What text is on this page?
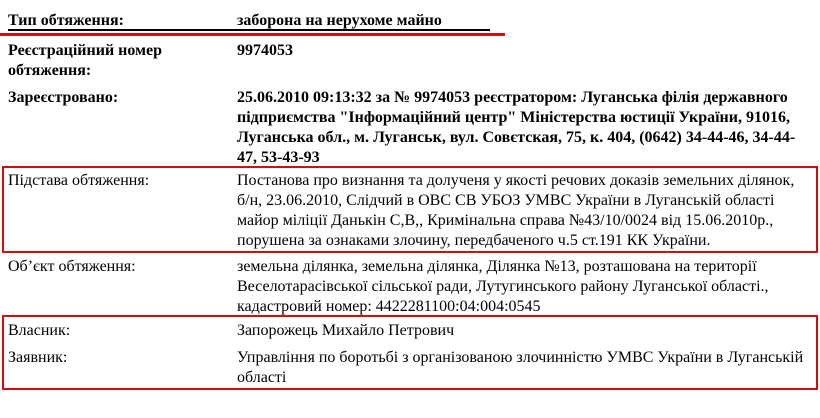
Тип обтяження:	заборона на нерухоме майно
Реєстраційний номер обтяження:
9974053
Зареєстровано:	25.06.2010 09:13:32 за № 9974053 реєстратором: Луганська філія державного підприємства "Інформаційний центр" Міністерства юстиції України, 91016, Луганська обл., м. Луганськ, вул. Совєтская, 75, к. 404, (0642) 34-44-46, 34-44-47, 53-43-93
Підстава обтяження:	Постанова про визнання та долученя у якості речових доказів земельних ділянок, б/н, 23.06.2010, Слідчий в ОВС СВ УБОЗ УМВС України в Луганській області майор міліції Данькін С,В,, Кримінальна справа №43/10/0024 від 15.06.2010р., порушена за ознаками злочину, передбаченого ч.5 ст.191 КК України.
Об’єкт обтяження:	земельна ділянка, земельна ділянка, Ділянка №13, розташована на території Веселотарасівської сільської ради, Лутугинського району Луганської області., кадастровий номер: 4422281100:04:004:0545
Власник:	Запорожець Михайло Петрович
Заявник:	Управління по боротьбі з організованою злочинністю УМВС України в Луганській області
